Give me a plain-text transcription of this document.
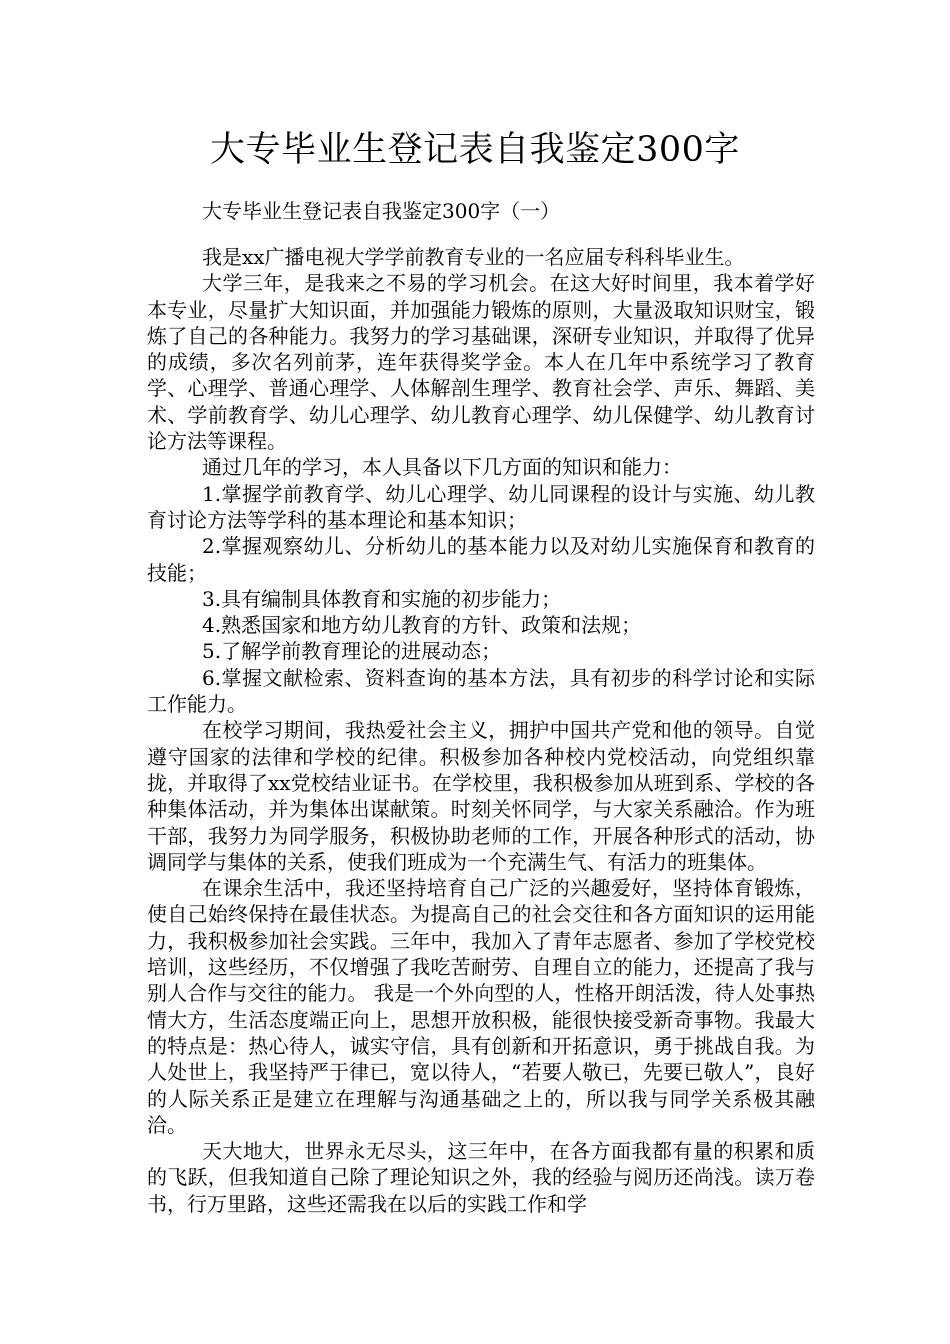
大专毕业生登记表自我鉴定300字

大专毕业生登记表自我鉴定300字（一）

我是xx广播电视大学学前教育专业的一名应届专科科毕业生。

大学三年，是我来之不易的学习机会。在这大好时间里，我本着学好本专业，尽量扩大知识面，并加强能力锻炼的原则，大量汲取知识财宝，锻炼了自己的各种能力。我努力的学习基础课，深研专业知识，并取得了优异的成绩，多次名列前茅，连年获得奖学金。本人在几年中系统学习了教育学、心理学、普通心理学、人体解剖生理学、教育社会学、声乐、舞蹈、美术、学前教育学、幼儿心理学、幼儿教育心理学、幼儿保健学、幼儿教育讨论方法等课程。

通过几年的学习，本人具备以下几方面的知识和能力：

1.掌握学前教育学、幼儿心理学、幼儿同课程的设计与实施、幼儿教育讨论方法等学科的基本理论和基本知识；

2.掌握观察幼儿、分析幼儿的基本能力以及对幼儿实施保育和教育的技能；

3.具有编制具体教育和实施的初步能力；

4.熟悉国家和地方幼儿教育的方针、政策和法规；

5.了解学前教育理论的进展动态；

6.掌握文献检索、资料查询的基本方法，具有初步的科学讨论和实际工作能力。

在校学习期间，我热爱社会主义，拥护中国共产党和他的领导。自觉遵守国家的法律和学校的纪律。积极参加各种校内党校活动，向党组织靠拢，并取得了xx党校结业证书。在学校里，我积极参加从班到系、学校的各种集体活动，并为集体出谋献策。时刻关怀同学，与大家关系融洽。作为班干部，我努力为同学服务，积极协助老师的工作，开展各种形式的活动，协调同学与集体的关系，使我们班成为一个充满生气、有活力的班集体。

在课余生活中，我还坚持培育自己广泛的兴趣爱好，坚持体育锻炼，使自己始终保持在最佳状态。为提高自己的社会交往和各方面知识的运用能力，我积极参加社会实践。三年中，我加入了青年志愿者、参加了学校党校培训，这些经历，不仅增强了我吃苦耐劳、自理自立的能力，还提高了我与别人合作与交往的能力。 我是一个外向型的人，性格开朗活泼，待人处事热情大方，生活态度端正向上，思想开放积极，能很快接受新奇事物。我最大的特点是：热心待人，诚实守信，具有创新和开拓意识，勇于挑战自我。为人处世上，我坚持严于律已，宽以待人，“若要人敬已，先要已敬人”，良好的人际关系正是建立在理解与沟通基础之上的，所以我与同学关系极其融洽。

天大地大，世界永无尽头，这三年中，在各方面我都有量的积累和质的飞跃，但我知道自己除了理论知识之外，我的经验与阅历还尚浅。读万卷书，行万里路，这些还需我在以后的实践工作和学
